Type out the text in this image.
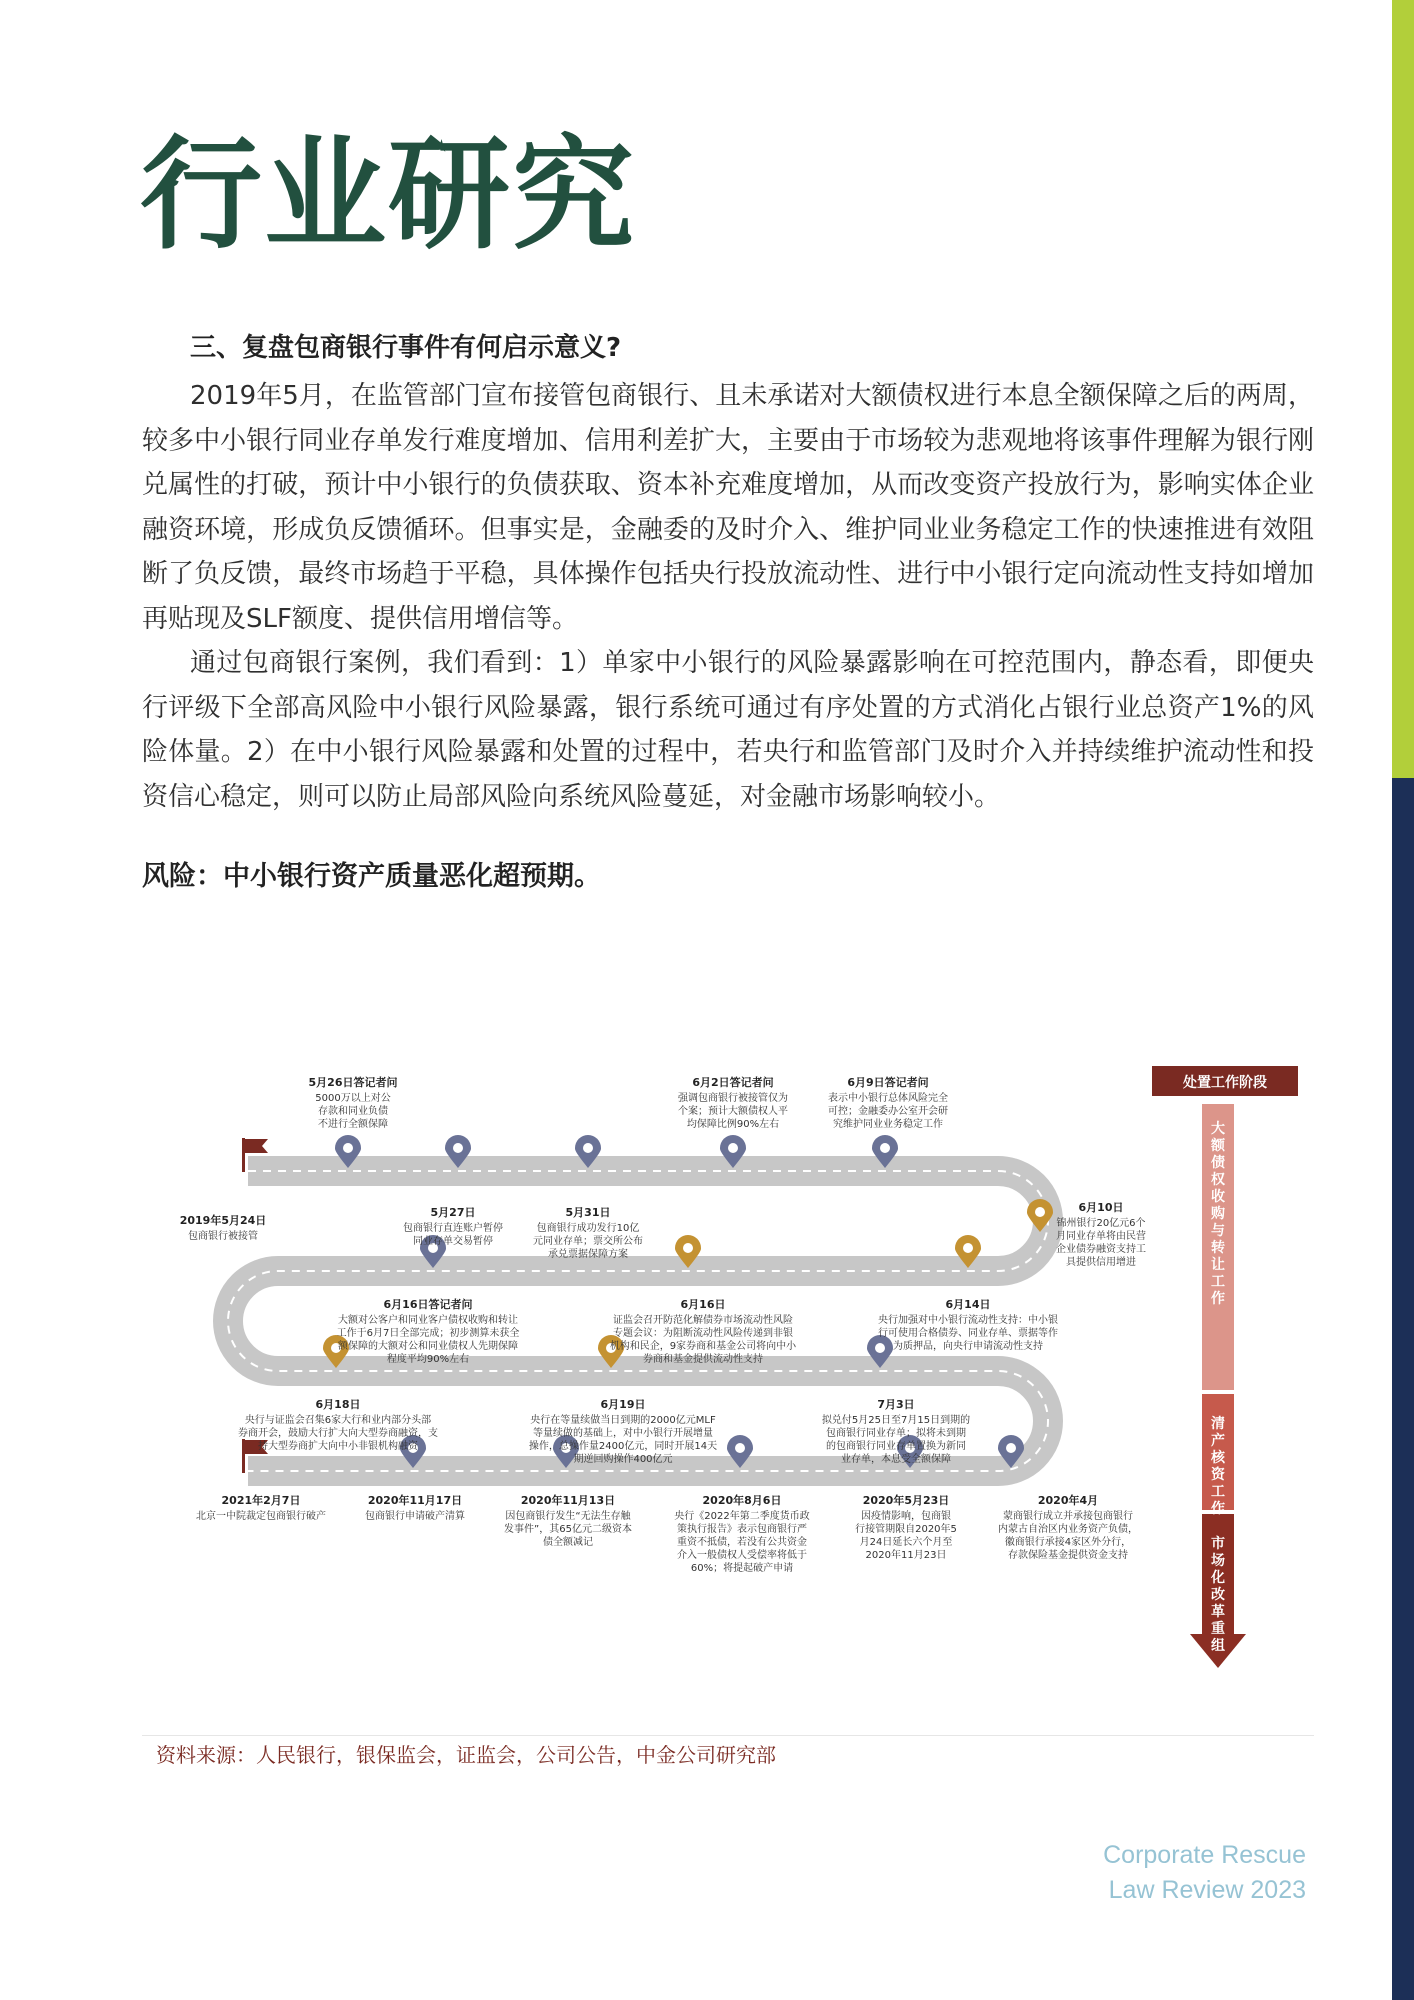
行业研究

三、复盘包商银行事件有何启示意义?

2019年5月，在监管部门宣布接管包商银行、且未承诺对大额债权进行本息全额保障之后的两周，较多中小银行同业存单发行难度增加、信用利差扩大，主要由于市场较为悲观地将该事件理解为银行刚兑属性的打破，预计中小银行的负债获取、资本补充难度增加，从而改变资产投放行为，影响实体企业融资环境，形成负反馈循环。但事实是，金融委的及时介入、维护同业业务稳定工作的快速推进有效阻断了负反馈，最终市场趋于平稳，具体操作包括央行投放流动性、进行中小银行定向流动性支持如增加再贴现及SLF额度、提供信用增信等。

通过包商银行案例，我们看到：1）单家中小银行的风险暴露影响在可控范围内，静态看，即便央行评级下全部高风险中小银行风险暴露，银行系统可通过有序处置的方式消化占银行业总资产1%的风险体量。2）在中小银行风险暴露和处置的过程中，若央行和监管部门及时介入并持续维护流动性和投资信心稳定，则可以防止局部风险向系统风险蔓延，对金融市场影响较小。

风险：中小银行资产质量恶化超预期。

处置工作阶段
大
额
债
权
收
购
与
转
让
工
作
清
产
核
资
工
作
市
场
化
改
革
重
组
2019年5月24日
包商银行被接管
5月26日答记者问
5000万以上对公
存款和同业负债
不进行全额保障
5月27日
包商银行直连账户暂停
同业存单交易暂停
5月31日
包商银行成功发行10亿
元同业存单；票交所公布
承兑票据保障方案
6月2日答记者问
强调包商银行被接管仅为
个案；预计大额债权人平
均保障比例90%左右
6月9日答记者问
表示中小银行总体风险完全
可控；金融委办公室开会研
究维护同业业务稳定工作
6月10日
锦州银行20亿元6个
月同业存单将由民营
企业债券融资支持工
具提供信用增进
6月14日
央行加强对中小银行流动性支持：中小银
行可使用合格债券、同业存单、票据等作
为质押品，向央行申请流动性支持
6月16日
证监会召开防范化解债券市场流动性风险
专题会议：为阻断流动性风险传递到非银
机构和民企，9家券商和基金公司将向中小
券商和基金提供流动性支持
6月16日答记者问
大额对公客户和同业客户债权收购和转让
工作于6月7日全部完成；初步测算未获全
额保障的大额对公和同业债权人先期保障
程度平均90%左右
6月18日
央行与证监会召集6家大行和业内部分头部
券商开会，鼓励大行扩大向大型券商融资，支
持大型券商扩大向中小非银机构融资
6月19日
央行在等量续做当日到期的2000亿元MLF
等量续做的基础上，对中小银行开展增量
操作，总操作量2400亿元，同时开展14天
期逆回购操作400亿元
7月3日
拟兑付5月25日至7月15日到期的
包商银行同业存单；拟将未到期
的包商银行同业存单置换为新同
业存单，本息受全额保障
2020年4月
蒙商银行成立并承接包商银行
内蒙古自治区内业务资产负债，
徽商银行承接4家区外分行，
存款保险基金提供资金支持
2020年5月23日
因疫情影响，包商银
行接管期限自2020年5
月24日延长六个月至
2020年11月23日
2020年8月6日
央行《2022年第二季度货币政
策执行报告》表示包商银行严
重资不抵债，若没有公共资金
介入一般债权人受偿率将低于
60%；将提起破产申请
2020年11月13日
因包商银行发生“无法生存触
发事件”，其65亿元二级资本
债全额减记
2020年11月17日
包商银行申请破产清算
2021年2月7日
北京一中院裁定包商银行破产
资料来源：人民银行，银保监会，证监会，公司公告，中金公司研究部
Corporate Rescue
Law Review 2023
